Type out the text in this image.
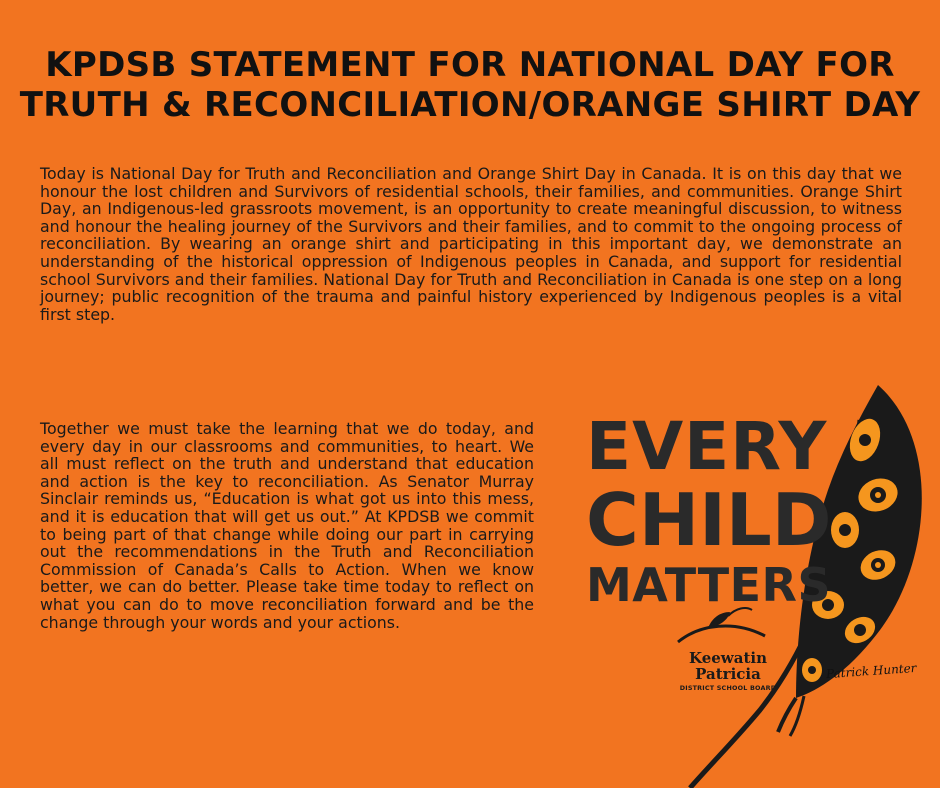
KPDSB STATEMENT FOR NATIONAL DAY FOR
TRUTH & RECONCILIATION/ORANGE SHIRT DAY
Today is National Day for Truth and Reconciliation and Orange Shirt Day in Canada. It is on this day that we honour the lost children and Survivors of residential schools, their families, and communities. Orange Shirt Day, an Indigenous-led grassroots movement, is an opportunity to create meaningful discussion, to witness and honour the healing journey of the Survivors and their families, and to commit to the ongoing process of reconciliation. By wearing an orange shirt and participating in this important day, we demonstrate an understanding of the historical oppression of Indigenous peoples in Canada, and support for residential school Survivors and their families. National Day for Truth and Reconciliation in Canada is one step on a long journey; public recognition of the trauma and painful history experienced by Indigenous peoples is a vital first step.
Together we must take the learning that we do today, and every day in our classrooms and communities, to heart. We all must reflect on the truth and understand that education and action is the key to reconciliation. As Senator Murray Sinclair reminds us, “Education is what got us into this mess, and it is education that will get us out.” At KPDSB we commit to being part of that change while doing our part in carrying out the recommendations in the Truth and Reconciliation Commission of Canada’s Calls to Action. When we know better, we can do better. Please take time today to reflect on what you can do to move reconciliation forward and be the change through your words and your actions.
EVERY
CHILD
MATTERS
Keewatin
Patricia
DISTRICT SCHOOL BOARD
Patrick Hunter
